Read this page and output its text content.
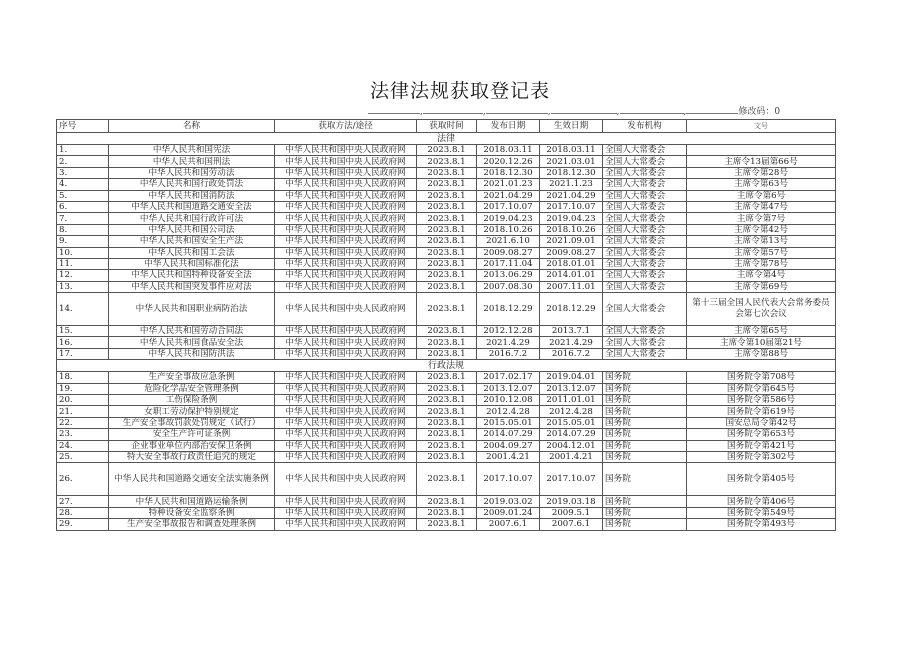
法律法规获取登记表
,	,	,	,	,	修改码：0
序号	名称	获取方法/途径	获取时间	发布日期	生效日期	发布机构	文号
法律							
1.	中华人民共和国宪法	中华人民共和国中央人民政府网	2023.8.1	2018.03.11	2018.03.11	全国人大常委会	
2.	中华人民共和国刑法	中华人民共和国中央人民政府网	2023.8.1	2020.12.26	2021.03.01	全国人大常委会	主席令13届第66号
3.	中华人民共和国劳动法	中华人民共和国中央人民政府网	2023.8.1	2018.12.30	2018.12.30	全国人大常委会	主席令第28号
4.	中华人民共和国行政处罚法	中华人民共和国中央人民政府网	2023.8.1	2021.01.23	2021.1.23	全国人大常委会	主席令第63号
5.	中华人民共和国消防法	中华人民共和国中央人民政府网	2023.8.1	2021.04.29	2021.04.29	全国人大常委会	主席令第6号
6.	中华人民共和国道路交通安全法	中华人民共和国中央人民政府网	2023.8.1	2017.10.07	2017.10.07	全国人大常委会	主席令第47号
7.	中华人民共和国行政许可法	中华人民共和国中央人民政府网	2023.8.1	2019.04.23	2019.04.23	全国人大常委会	主席令第7号
8.	中华人民共和国公司法	中华人民共和国中央人民政府网	2023.8.1	2018.10.26	2018.10.26	全国人大常委会	主席令第42号
9.	中华人民共和国安全生产法	中华人民共和国中央人民政府网	2023.8.1	2021.6.10	2021.09.01	全国人大常委会	主席令第13号
10.	中华人民共和国工会法	中华人民共和国中央人民政府网	2023.8.1	2009.08.27	2009.08.27	全国人大常委会	主席令第57号
11.	中华人民共和国标准化法	中华人民共和国中央人民政府网	2023.8.1	2017.11.04	2018.01.01	全国人大常委会	主席令第78号
12.	中华人民共和国特种设备安全法	中华人民共和国中央人民政府网	2023.8.1	2013.06.29	2014.01.01	全国人大常委会	主席令第4号
13.	中华人民共和国突发事件应对法	中华人民共和国中央人民政府网	2023.8.1	2007.08.30	2007.11.01	全国人大常委会	主席令第69号
14.	中华人民共和国职业病防治法	中华人民共和国中央人民政府网	2023.8.1	2018.12.29	2018.12.29	全国人大常委会	第十三届全国人民代表大会常务委员会第七次会议
15.	中华人民共和国劳动合同法	中华人民共和国中央人民政府网	2023.8.1	2012.12.28	2013.7.1	全国人大常委会	主席令第65号
16.	中华人民共和国食品安全法	中华人民共和国中央人民政府网	2023.8.1	2021.4.29	2021.4.29	全国人大常委会	主席令第10届第21号
17.	中华人民共和国防洪法	中华人民共和国中央人民政府网	2023.8.1	2016.7.2	2016.7.2	全国人大常委会	主席令第88号
行政法规							
18.	生产安全事故应急条例	中华人民共和国中央人民政府网	2023.8.1	2017.02.17	2019.04.01	国务院	国务院令第708号
19.	危险化学品安全管理条例	中华人民共和国中央人民政府网	2023.8.1	2013.12.07	2013.12.07	国务院	国务院令第645号
20.	工伤保险条例	中华人民共和国中央人民政府网	2023.8.1	2010.12.08	2011.01.01	国务院	国务院令第586号
21.	女职工劳动保护特别规定	中华人民共和国中央人民政府网	2023.8.1	2012.4.28	2012.4.28	国务院	国务院令第619号
22.	生产安全事故罚款处罚规定（试行）	中华人民共和国中央人民政府网	2023.8.1	2015.05.01	2015.05.01	国务院	国安总局令第42号
23.	安全生产许可证条例	中华人民共和国中央人民政府网	2023.8.1	2014.07.29	2014.07.29	国务院	国务院令第653号
24.	企业事业单位内部治安保卫条例	中华人民共和国中央人民政府网	2023.8.1	2004.09.27	2004.12.01	国务院	国务院令第421号
25.	特大安全事故行政责任追究的规定	中华人民共和国中央人民政府网	2023.8.1	2001.4.21	2001.4.21	国务院	国务院令第302号
26.	中华人民共和国道路交通安全法实施条例	中华人民共和国中央人民政府网	2023.8.1	2017.10.07	2017.10.07	国务院	国务院令第405号
27.	中华人民共和国道路运输条例	中华人民共和国中央人民政府网	2023.8.1	2019.03.02	2019.03.18	国务院	国务院令第406号
28.	特种设备安全监察条例	中华人民共和国中央人民政府网	2023.8.1	2009.01.24	2009.5.1	国务院	国务院令第549号
29.	生产安全事故报告和调查处理条例	中华人民共和国中央人民政府网	2023.8.1	2007.6.1	2007.6.1	国务院	国务院令第493号
